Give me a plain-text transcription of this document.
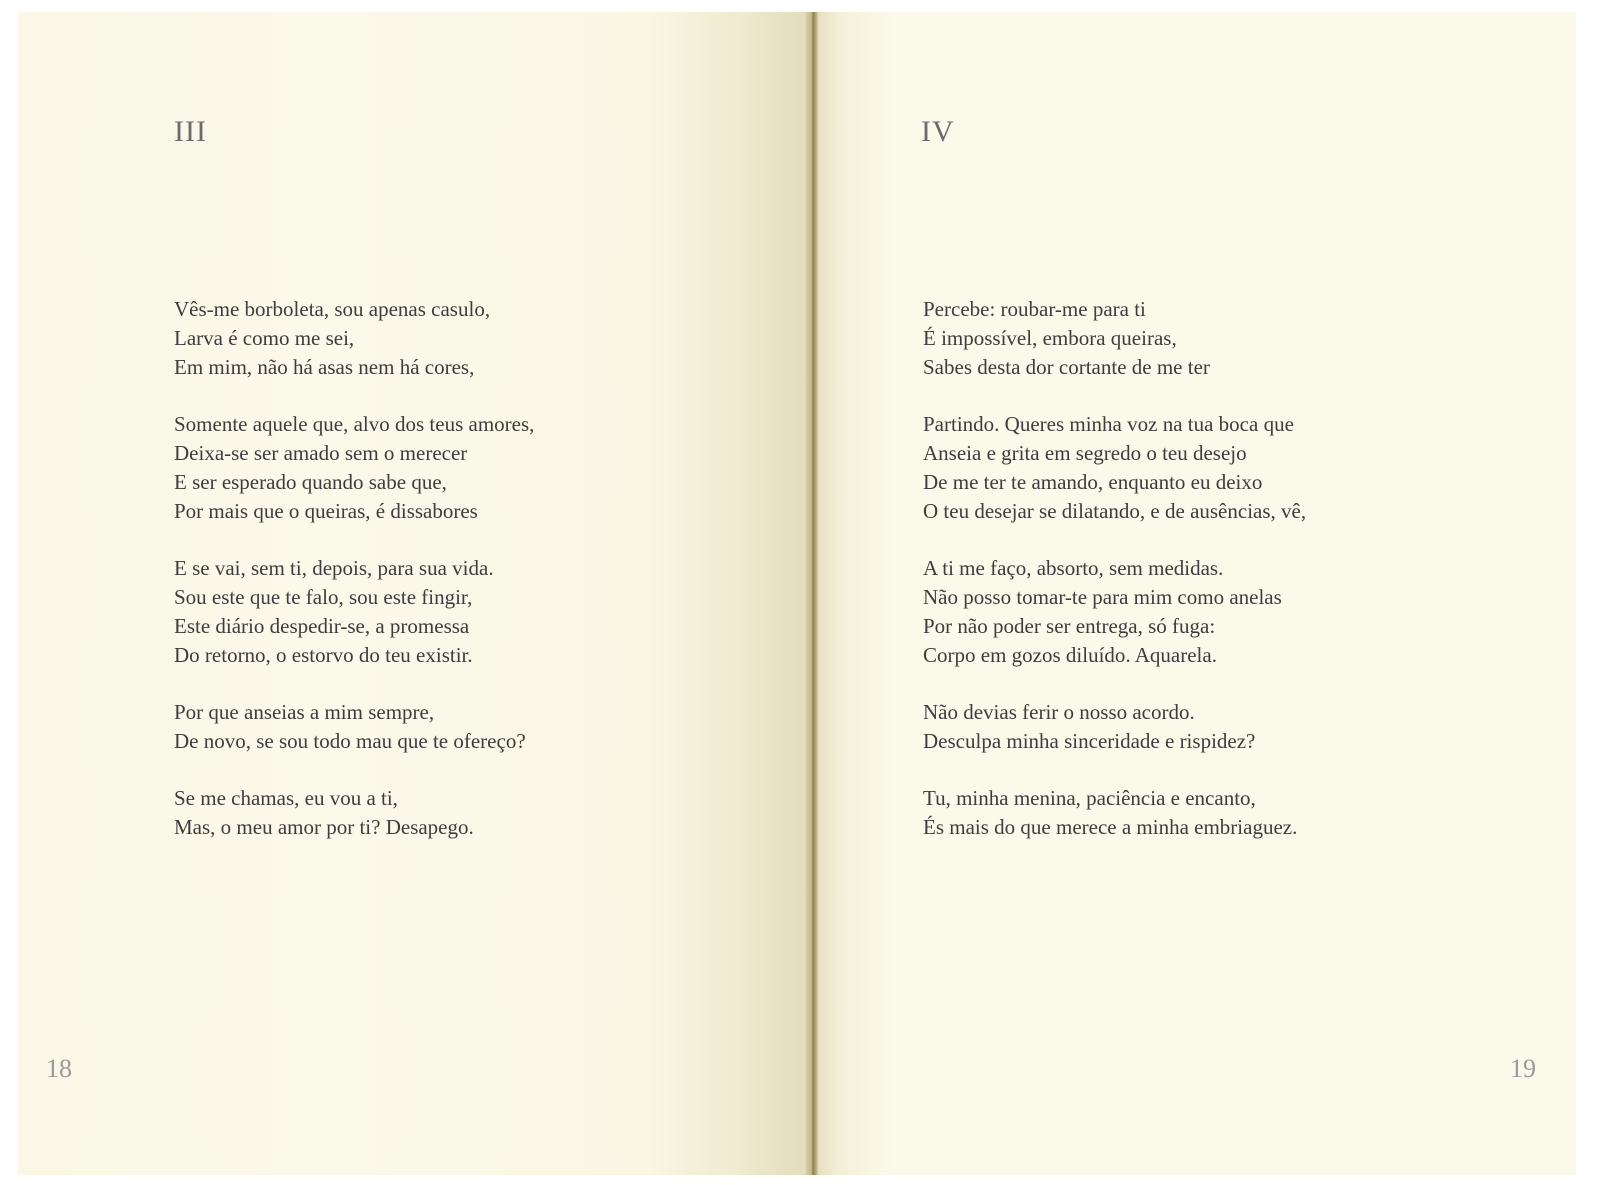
III
Vês-me borboleta, sou apenas casulo,
Larva é como me sei,
Em mim, não há asas nem há cores,
Somente aquele que, alvo dos teus amores,
Deixa-se ser amado sem o merecer
E ser esperado quando sabe que,
Por mais que o queiras, é dissabores
E se vai, sem ti, depois, para sua vida.
Sou este que te falo, sou este fingir,
Este diário despedir-se, a promessa
Do retorno, o estorvo do teu existir.
Por que anseias a mim sempre,
De novo, se sou todo mau que te ofereço?
Se me chamas, eu vou a ti,
Mas, o meu amor por ti? Desapego.
18
IV
Percebe: roubar-me para ti
É impossível, embora queiras,
Sabes desta dor cortante de me ter
Partindo. Queres minha voz na tua boca que
Anseia e grita em segredo o teu desejo
De me ter te amando, enquanto eu deixo
O teu desejar se dilatando, e de ausências, vê,
A ti me faço, absorto, sem medidas.
Não posso tomar-te para mim como anelas
Por não poder ser entrega, só fuga:
Corpo em gozos diluído. Aquarela.
Não devias ferir o nosso acordo.
Desculpa minha sinceridade e rispidez?
Tu, minha menina, paciência e encanto,
És mais do que merece a minha embriaguez.
19
